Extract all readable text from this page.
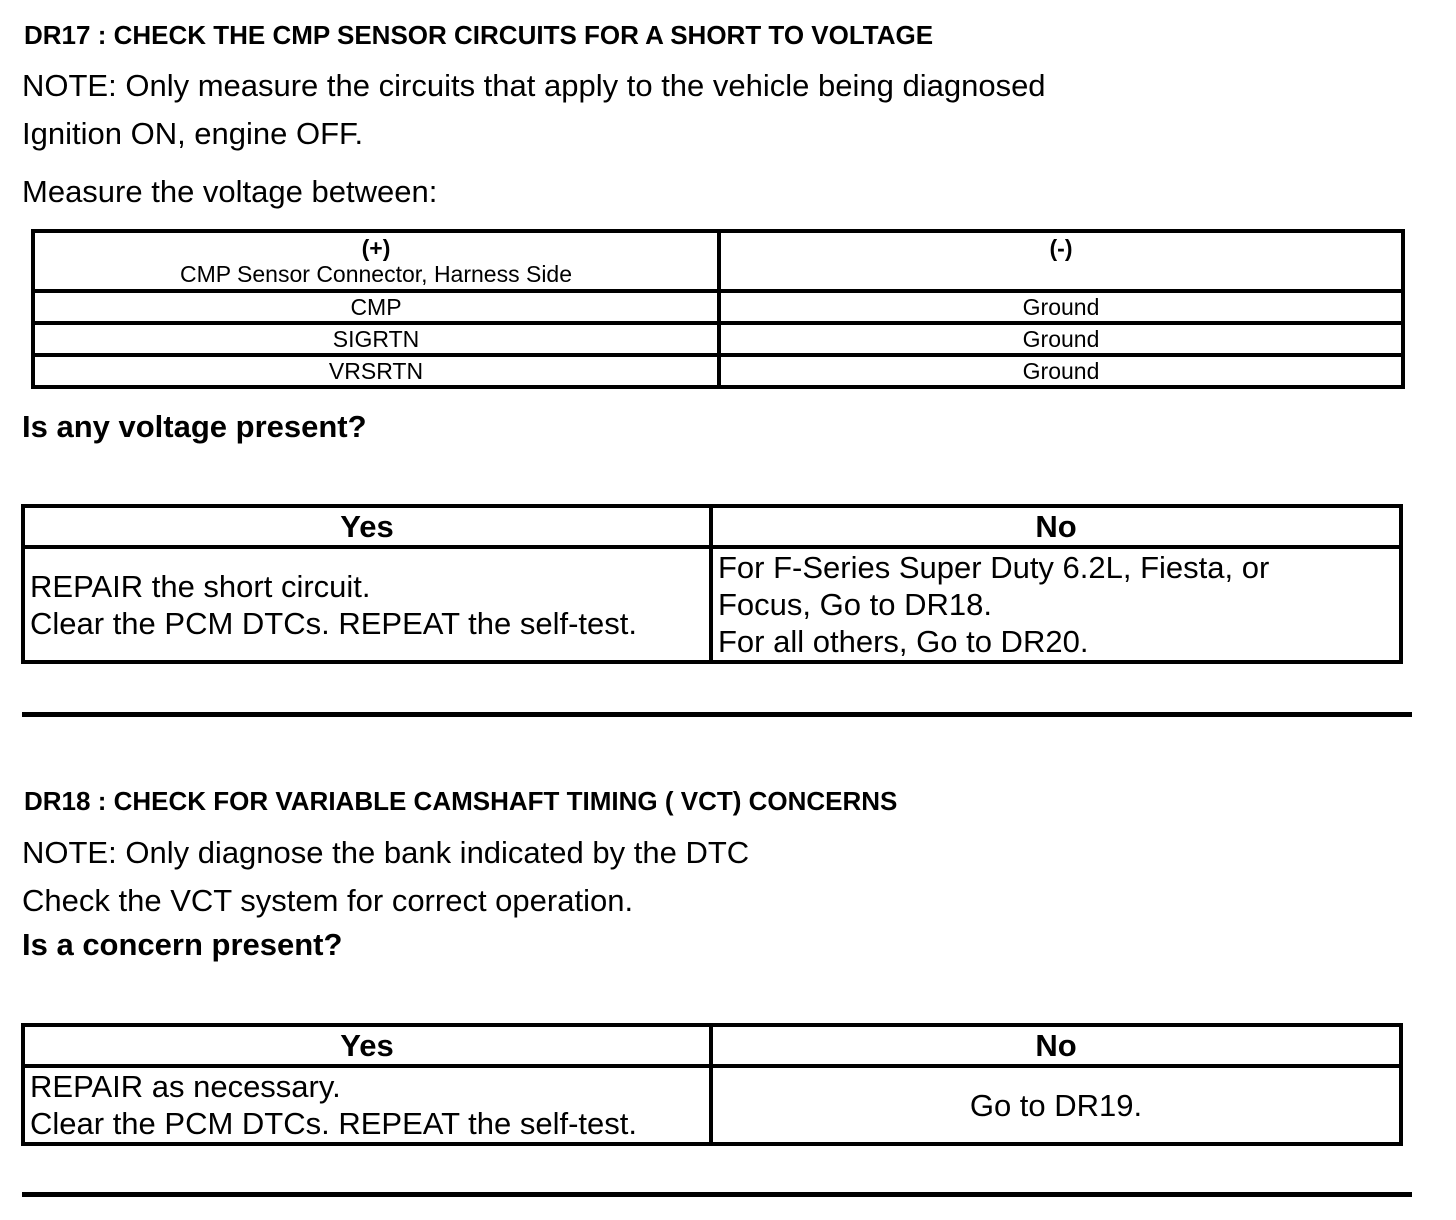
DR17 : CHECK THE CMP SENSOR CIRCUITS FOR A SHORT TO VOLTAGE
NOTE: Only measure the circuits that apply to the vehicle being diagnosed
Ignition ON, engine OFF.
Measure the voltage between:
(+)
CMP Sensor Connector, Harness Side	(-)

CMP	Ground
SIGRTN	Ground
VRSRTN	Ground
Is any voltage present?
Yes	No

REPAIR the short circuit.
Clear the PCM DTCs. REPEAT the self-test.	For F-Series Super Duty 6.2L, Fiesta, or
Focus, Go to DR18.
For all others, Go to DR20.
DR18 : CHECK FOR VARIABLE CAMSHAFT TIMING ( VCT) CONCERNS
NOTE: Only diagnose the bank indicated by the DTC
Check the VCT system for correct operation.
Is a concern present?
Yes	No

REPAIR as necessary.
Clear the PCM DTCs. REPEAT the self-test.	Go to DR19.
